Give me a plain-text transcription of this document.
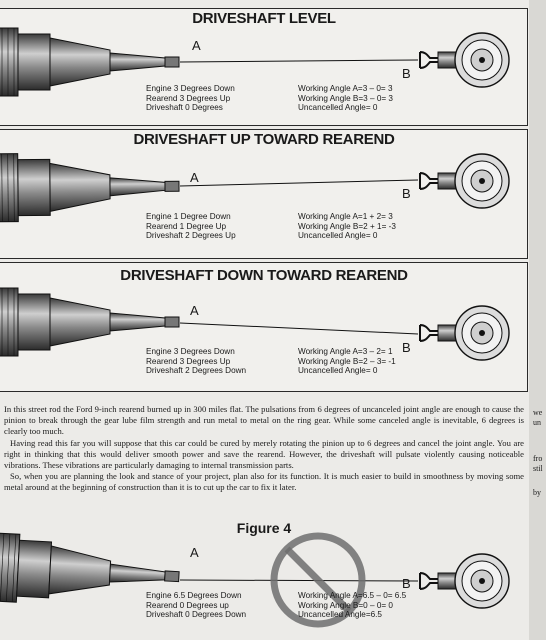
DRIVESHAFT LEVEL
DRIVESHAFT UP TOWARD REAREND
DRIVESHAFT DOWN TOWARD REAREND
A
B
Engine 3 Degrees Down
Rearend 3 Degrees Up
Driveshaft 0 Degrees
Working Angle A=3 – 0= 3
Working Angle B=3 – 0= 3
Uncancelled Angle= 0
A
B
Engine 1 Degree Down
Rearend 1 Degree Up
Driveshaft 2 Degrees Up
Working Angle A=1 + 2= 3
Working Angle B=2 + 1= -3
Uncancelled Angle= 0
A
B
Engine 3 Degrees Down
Rearend 3 Degrees Up
Driveshaft 2 Degrees Down
Working Angle A=3 – 2= 1
Working Angle B=2 – 3= -1
Uncancelled Angle= 0

In this street rod the Ford 9-inch rearend burned up in 300 miles flat. The pulsations from 6 degrees of uncanceled joint angle are enough to cause the pinion to break through the gear lube film strength and run metal to metal on the ring gear. While some canceled angle is inevitable, 6 degrees is clearly too much.

Having read this far you will suppose that this car could be cured by merely rotating the pinion up to 6 degrees and cancel the joint angle. You are right in thinking that this would deliver smooth power and save the rearend. However, the driveshaft will pulsate violently causing noticeable vibrations. These vibrations are particularly damaging to internal transmission parts.

So, when you are planning the look and stance of your project, plan also for its function. It is much easier to build in smoothness by moving some metal around at the beginning of construction than it is to cut up the car to fix it later.

we
un
fro
stil
by
Figure 4
A
B
Engine 6.5 Degrees Down
Rearend 0 Degrees up
Driveshaft 0 Degrees Down
Working Angle A=6.5 – 0= 6.5
Working Angle B=0 – 0= 0
Uncancelled Angle=6.5
